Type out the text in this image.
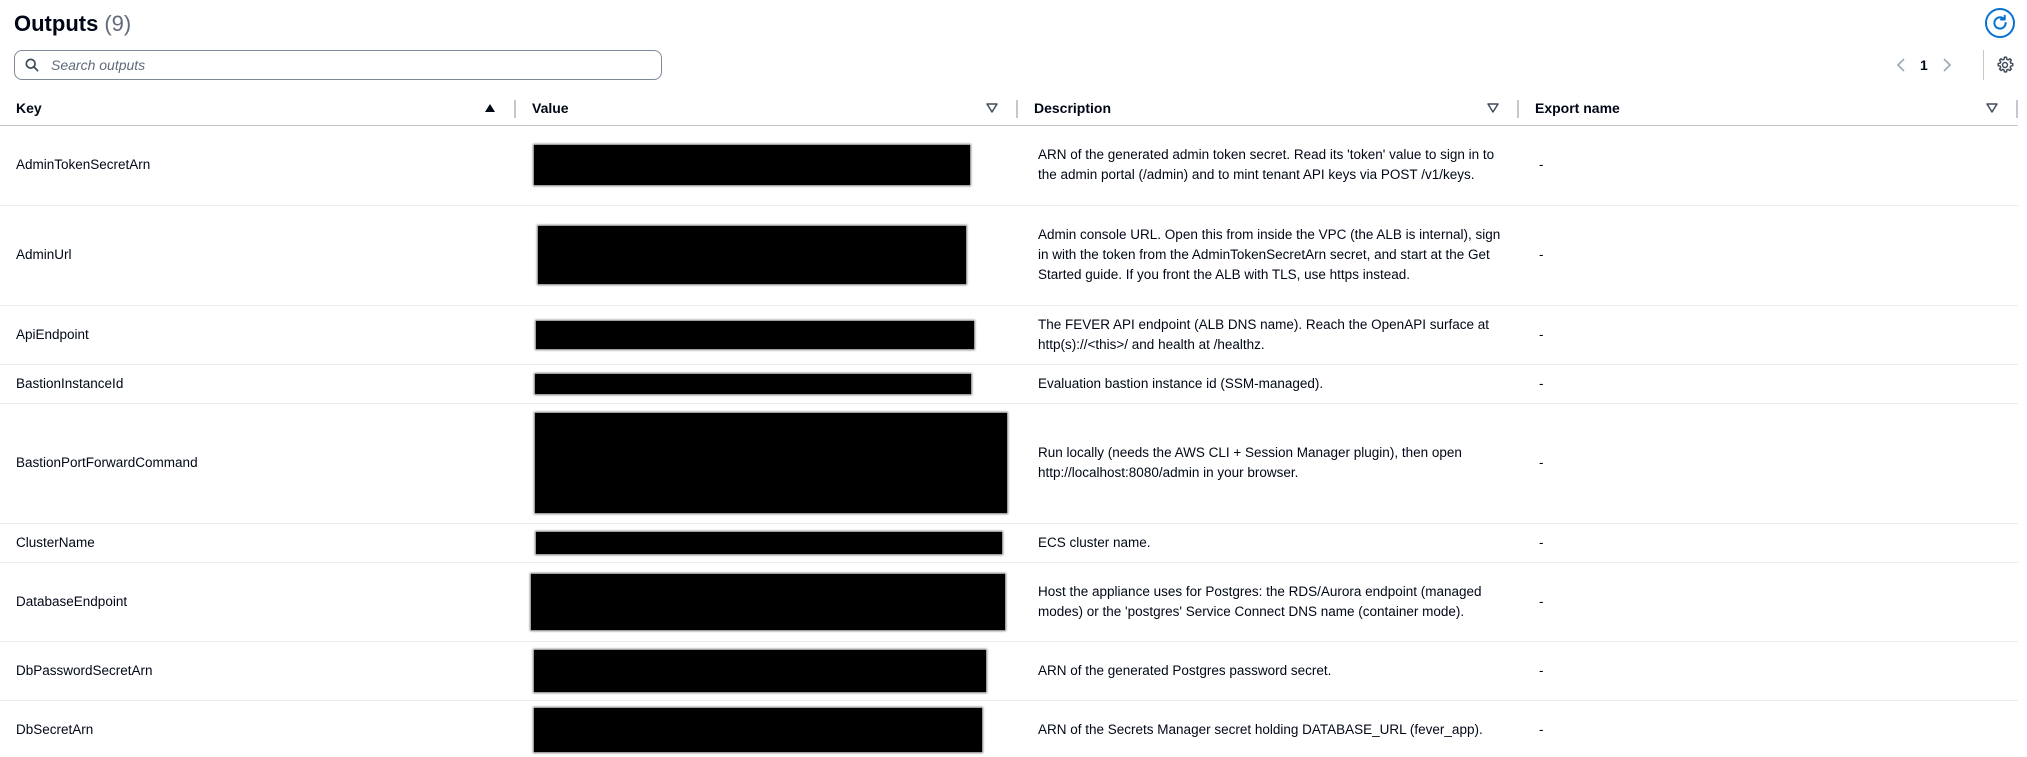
Outputs (9)
Search outputs
1
Key	Value	Description	Export name

AdminTokenSecretArn		ARN of the generated admin token secret. Read its 'token' value to sign in to the admin portal (/admin) and to mint tenant API keys via POST /v1/keys.	-
AdminUrl		Admin console URL. Open this from inside the VPC (the ALB is internal), sign in with the token from the AdminTokenSecretArn secret, and start at the Get Started guide. If you front the ALB with TLS, use https instead.	-
ApiEndpoint		The FEVER API endpoint (ALB DNS name). Reach the OpenAPI surface at http(s)://<this>/ and health at /healthz.	-
BastionInstanceId		Evaluation bastion instance id (SSM-managed).	-
BastionPortForwardCommand		Run locally (needs the AWS CLI + Session Manager plugin), then open http://localhost:8080/admin in your browser.	-
ClusterName		ECS cluster name.	-
DatabaseEndpoint		Host the appliance uses for Postgres: the RDS/Aurora endpoint (managed modes) or the 'postgres' Service Connect DNS name (container mode).	-
DbPasswordSecretArn		ARN of the generated Postgres password secret.	-
DbSecretArn		ARN of the Secrets Manager secret holding DATABASE_URL (fever_app).	-
